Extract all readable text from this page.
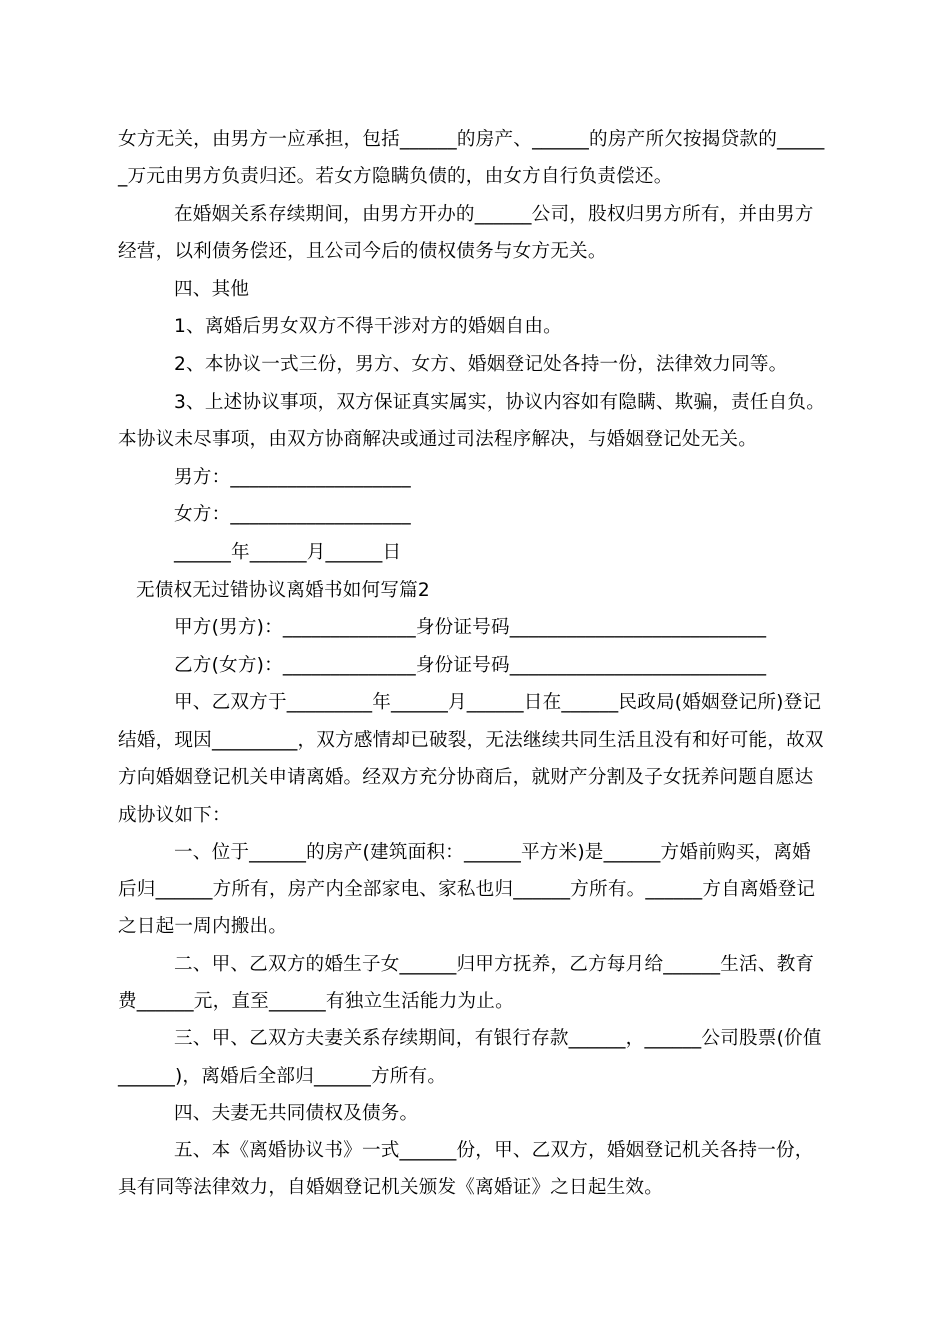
女方无关，由男方一应承担，包括______的房产、______的房产所欠按揭贷款的_____
_万元由男方负责归还。若女方隐瞒负债的，由女方自行负责偿还。
在婚姻关系存续期间，由男方开办的______公司，股权归男方所有，并由男方
经营，以利债务偿还，且公司今后的债权债务与女方无关。
四、其他
1、离婚后男女双方不得干涉对方的婚姻自由。
2、本协议一式三份，男方、女方、婚姻登记处各持一份，法律效力同等。
3、上述协议事项，双方保证真实属实，协议内容如有隐瞒、欺骗，责任自负。
本协议未尽事项，由双方协商解决或通过司法程序解决，与婚姻登记处无关。
男方：___________________
女方：___________________
______年______月______日
无债权无过错协议离婚书如何写篇2
甲方(男方)：______________身份证号码___________________________
乙方(女方)：______________身份证号码___________________________
甲、乙双方于_________年______月______日在______民政局(婚姻登记所)登记
结婚，现因_________，双方感情却已破裂，无法继续共同生活且没有和好可能，故双
方向婚姻登记机关申请离婚。经双方充分协商后，就财产分割及子女抚养问题自愿达
成协议如下：
一、位于______的房产(建筑面积：______平方米)是______方婚前购买，离婚
后归______方所有，房产内全部家电、家私也归______方所有。______方自离婚登记
之日起一周内搬出。
二、甲、乙双方的婚生子女______归甲方抚养，乙方每月给______生活、教育
费______元，直至______有独立生活能力为止。
三、甲、乙双方夫妻关系存续期间，有银行存款______，______公司股票(价值
______)，离婚后全部归______方所有。
四、夫妻无共同债权及债务。
五、本《离婚协议书》一式______份，甲、乙双方，婚姻登记机关各持一份，
具有同等法律效力，自婚姻登记机关颁发《离婚证》之日起生效。
